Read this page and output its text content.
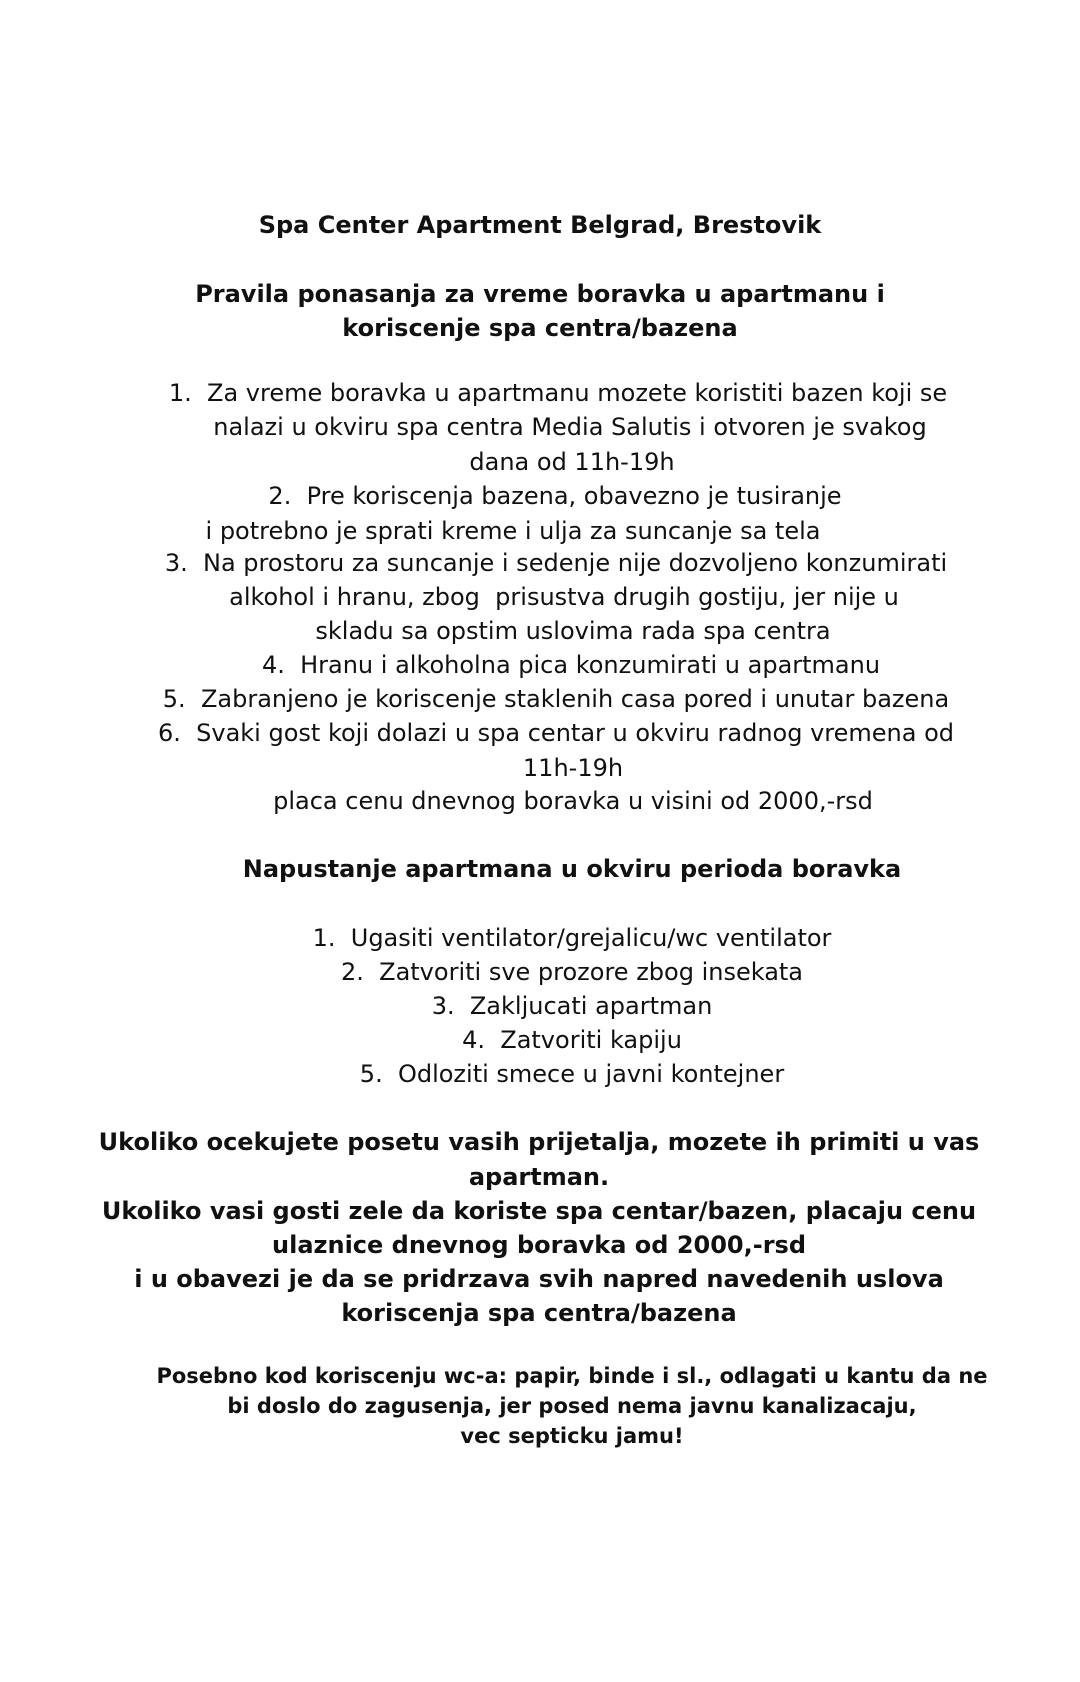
Spa Center Apartment Belgrad, Brestovik

Pravila ponasanja za vreme boravka u apartmanu i

koriscenje spa centra/bazena

1.  Za vreme boravka u apartmanu mozete koristiti bazen koji se

nalazi u okviru spa centra Media Salutis i otvoren je svakog

dana od 11h-19h

2.  Pre koriscenja bazena, obavezno je tusiranje

i potrebno je sprati kreme i ulja za suncanje sa tela

3.  Na prostoru za suncanje i sedenje nije dozvoljeno konzumirati

alkohol i hranu, zbog  prisustva drugih gostiju, jer nije u

skladu sa opstim uslovima rada spa centra

4.  Hranu i alkoholna pica konzumirati u apartmanu

5.  Zabranjeno je koriscenje staklenih casa pored i unutar bazena

6.  Svaki gost koji dolazi u spa centar u okviru radnog vremena od

11h-19h

placa cenu dnevnog boravka u visini od 2000,-rsd

Napustanje apartmana u okviru perioda boravka

1.  Ugasiti ventilator/grejalicu/wc ventilator

2.  Zatvoriti sve prozore zbog insekata

3.  Zakljucati apartman

4.  Zatvoriti kapiju

5.  Odloziti smece u javni kontejner

Ukoliko ocekujete posetu vasih prijetalja, mozete ih primiti u vas

apartman.

Ukoliko vasi gosti zele da koriste spa centar/bazen, placaju cenu

ulaznice dnevnog boravka od 2000,-rsd

i u obavezi je da se pridrzava svih napred navedenih uslova

koriscenja spa centra/bazena

Posebno kod koriscenju wc-a: papir, binde i sl., odlagati u kantu da ne

bi doslo do zagusenja, jer posed nema javnu kanalizacaju,

vec septicku jamu!
